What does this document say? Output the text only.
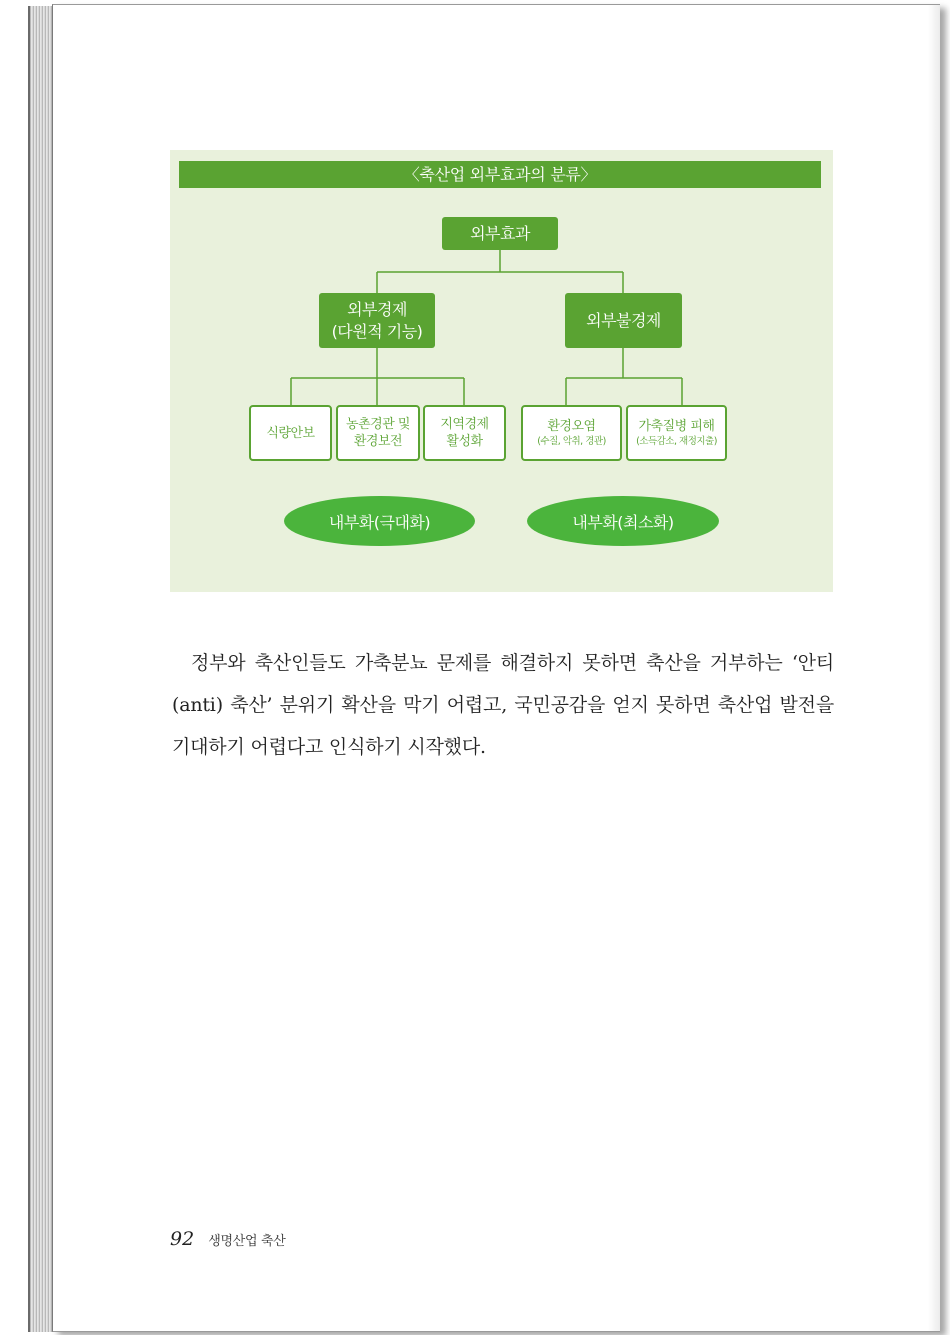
〈축산업 외부효과의 분류〉
외부효과
외부경제
(다원적 기능)
외부불경제
식량안보
농촌경관 및
환경보전
지역경제
활성화
환경오염
(수질, 악취, 경관)
가축질병 피해
(소득감소, 재정지출)
내부화(극대화)	내부화(최소화)

정부와 축산인들도 가축분뇨 문제를 해결하지 못하면 축산을 거부하는 ‘안티(anti) 축산’ 분위기 확산을 막기 어렵고, 국민공감을 얻지 못하면 축산업 발전을 기대하기 어렵다고 인식하기 시작했다.

92 생명산업 축산
